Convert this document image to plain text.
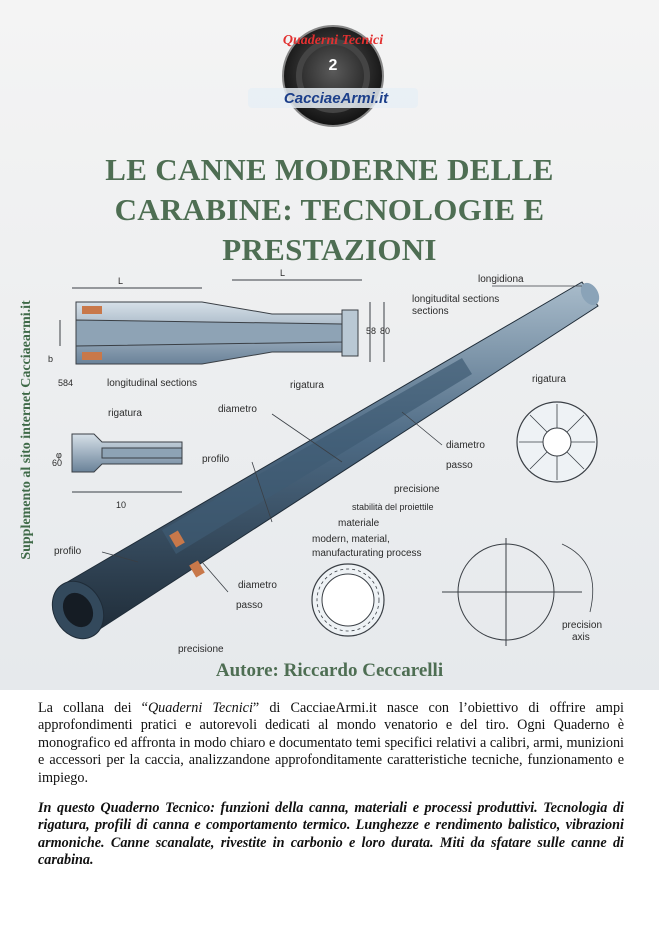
Quaderni Tecnici
2
CacciaeArmi.it
LE CANNE MODERNE DELLE
CARABINE: TECNOLOGIE E
PRESTAZIONI
Supplemento al sito internet Cacciaearmi.it
L
L
58 80
584
longitudital sections
sections
longitudinal sections
longidiona
rigatura
rigatura
rigatura
φ
10
diametro
profilo
profilo
diametro
passo
precisione
stabilità del proiettile
materiale
modern, material,
manufacturating process
diametro
passo
precisione
60
b
precision
axis

Autore: Riccardo Ceccarelli

La collana dei “Quaderni Tecnici” di CacciaeArmi.it nasce con l’obiettivo di offrire ampi approfondimenti pratici e autorevoli dedicati al mondo venatorio e del tiro. Ogni Quaderno è monografico ed affronta in modo chiaro e documentato temi specifici relativi a calibri, armi, munizioni e accessori per la caccia, analizzandone approfonditamente caratteristiche tecniche, funzionamento e impiego.

In questo Quaderno Tecnico: funzioni della canna, materiali e processi produttivi. Tecnologia di rigatura, profili di canna e comportamento termico. Lunghezze e rendimento balistico, vibrazioni armoniche. Canne scanalate, rivestite in carbonio e loro durata. Miti da sfatare sulle canne di carabina.
